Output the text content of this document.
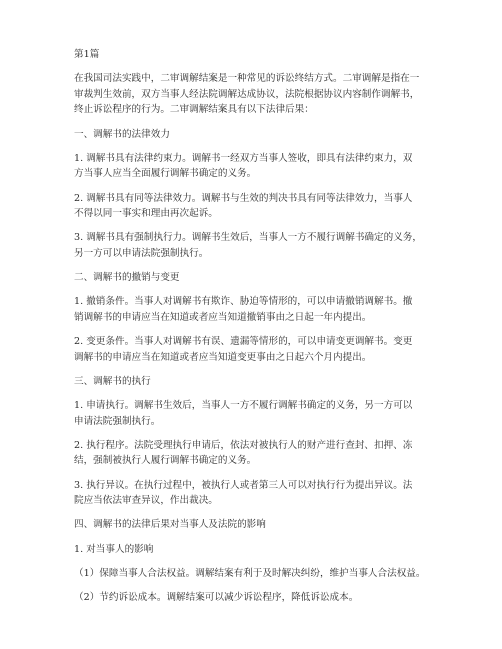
第1篇

在我国司法实践中，二审调解结案是一种常见的诉讼终结方式。二审调解是指在一

审裁判生效前，双方当事人经法院调解达成协议，法院根据协议内容制作调解书，

终止诉讼程序的行为。二审调解结案具有以下法律后果：

一、调解书的法律效力

1. 调解书具有法律约束力。调解书一经双方当事人签收，即具有法律约束力，双

方当事人应当全面履行调解书确定的义务。

2. 调解书具有同等法律效力。调解书与生效的判决书具有同等法律效力，当事人

不得以同一事实和理由再次起诉。

3. 调解书具有强制执行力。调解书生效后，当事人一方不履行调解书确定的义务，

另一方可以申请法院强制执行。

二、调解书的撤销与变更

1. 撤销条件。当事人对调解书有欺诈、胁迫等情形的，可以申请撤销调解书。撤

销调解书的申请应当在知道或者应当知道撤销事由之日起一年内提出。

2. 变更条件。当事人对调解书有误、遗漏等情形的，可以申请变更调解书。变更

调解书的申请应当在知道或者应当知道变更事由之日起六个月内提出。

三、调解书的执行

1. 申请执行。调解书生效后，当事人一方不履行调解书确定的义务，另一方可以

申请法院强制执行。

2. 执行程序。法院受理执行申请后，依法对被执行人的财产进行查封、扣押、冻

结，强制被执行人履行调解书确定的义务。

3. 执行异议。在执行过程中，被执行人或者第三人可以对执行行为提出异议。法

院应当依法审查异议，作出裁决。

四、调解书的法律后果对当事人及法院的影响

1. 对当事人的影响

（1）保障当事人合法权益。调解结案有利于及时解决纠纷，维护当事人合法权益。

（2）节约诉讼成本。调解结案可以减少诉讼程序，降低诉讼成本。
